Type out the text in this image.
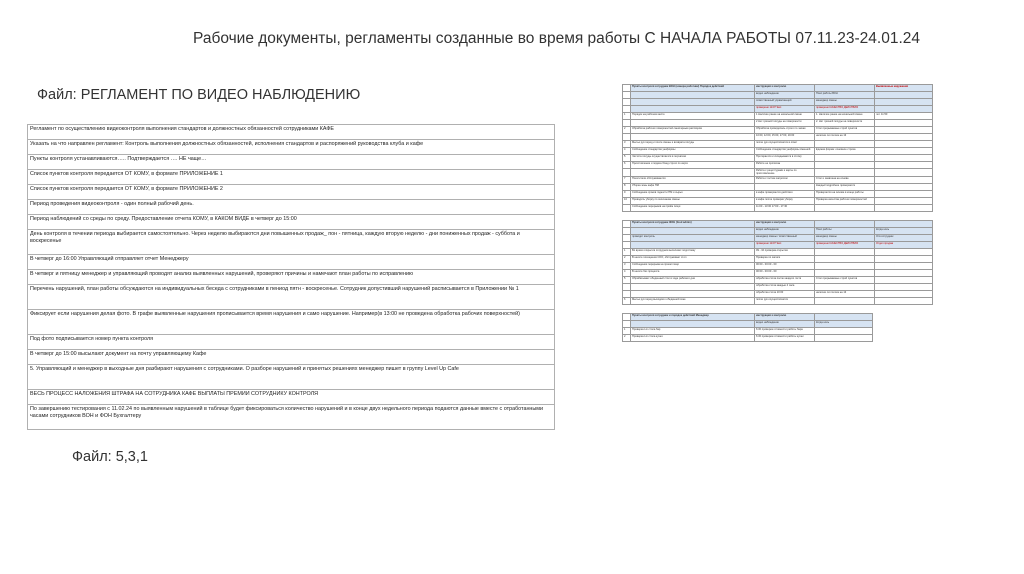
Рабочие документы, регламенты созданные во время работы С НАЧАЛА РАБОТЫ 07.11.23-24.01.24
Файл: РЕГЛАМЕНТ ПО ВИДЕО НАБЛЮДЕНИЮ
Регламент по осуществлению видеоконтроля выполнения стандартов и должностных обязанностей сотрудниками КАФЕ
Указать на что направлен регламент: Контроль выполнения должностных обязанностей, исполнения стандартов и распоряжений руководства клуба и кафе
Пункты контроля устанавливаются….. Подтверждается …. НЕ чаще…
Список пунктов контроля передается ОТ КОМУ, в формате ПРИЛОЖЕНИЕ 1
Список пунктов контроля передается ОТ КОМУ, в формате ПРИЛОЖЕНИЕ 2
Период проведения видеоконтроля - один полный рабочий день.
Период наблюдений со среды по среду. Предоставление отчета КОМУ, в КАКОМ ВИДЕ в четверг до 15:00
День контроля в течении периода выбирается самостоятельно. Через неделю выбираются дни повышенных продаж_ пон - пятница, каждую вторую неделю - дни пониженных продаж - суббота и воскресенье
В четверг до 16:00 Управляющий отправляет отчет Менеджеру
В четверг и пятницу менеджер и управляющий проводят анализ выявленных нарушений, проверяют причины и намечают план работы по исправлению
Перечень нарушений, план работы обсуждаются на индивидуальных беседа с сотрудниками в пениод пятн - воскресенье. Сотрудник допустивший нарушений расписывается в Приложении № 1
Фиксирует если нарушения делая фото. В графе выявленные нарушения прописывается время нарушения и само нарушение. Например(в 13:00 не проведена обработка рабочих поверхностей)
Под фото подписывается номер пункта контроля
В четверг до 15:00 высылают документ на почту управляющему Кафе
5. Управляющий и менеджер в выходные дня разбирают нарушения с сотрудниками. О разборе нарушений и принятых решениях менеджер пишет в группу Level Up Cafe
ВЕСЬ ПРОЦЕСС НАЛОЖЕНИЯ ШТРАФА НА СОТРУДНИКА КАФЕ ВЫПЛАТЫ ПРЕМИИ СОТРУДНИКУ КОНТРОЛЯ
По завершению тестирования с 11.02.24 по выявленным нарушений в таблице будет фиксироваться количество нарушений и в конце двух недельного периода подаются данные вместе с отработанными часами сотрудников ВОН и ФОН Бухгалтеру
Файл: 5,3,1
	Пункты контроля сотрудник ВОН (номера работник) Порядок действий	инструкция к контролю		Выявленные нарушения
		видео наблюдение	Пояс работы ВОН	
		ответственный управляющий	менеджер смены	
		проверено 11/07 9мл	проверено КАЧЕСТВО ДЕЙСТВИЯ	
1	Порядок на рабочем месте	1 Наличие ранее на начальной смене	1. Наличие ранее на начальной смене	чет. 11:50
		2 Нет грязной посуды на поверхности	2. Нет грязной посуды на поверхности	
2	Обработка рабочих поверхностей санитарным раствором	Обработка проводилась строго по часам	Стол прерываемые строй пунктов	
		10:00, 12:00, 15:00, 17:00, 19:00	наличие ли полоса на 13	
3	Мытье рук перед и после смены и возврата посуды	после рук осуществляется в ответ		
4	Соблюдение стандартов униформы	Соблюдение стандартов униформы сменной	Единая форма: основное строка	
5	Чистота посуды осуществляется в перчатках	Протирается и складывается в стопку		
6	Приготовление и подача блюд строго по карте	Работе не прописан		
		Работа с рецептурами и карты по приготовлению		
7	Посетители обслуживаются	Работа с гостем запросом	Стол и заявлена на основе	
8	Уборка зоны кафе ПМ		Каждый подробное проверяется	
9	Соблюдение сроков годности ПМ и сырья	в кафе проверяются действия	Проверяется на основе в конце работы	
10	Проводить уборку по окончанию смены	в кафе после проверки уборку	Проверка качества рабочих поверхностей	
	Соблюдение перерывов на приём пищи	11:00 - 13:00 17:00 - 17:30		
	Пункты контроля сотрудник ФОН (food admin)	инструкция к контролю		
		видео наблюдение	Пояс работы	Когда ноль
	проводит контроль	менеджер смены / ответственный	менеджер смены	Отв сотрудник
		проверено 11/07 9мл	проверено КАЧЕСТВО ДЕЙСТВИЯ	Отдел продаж
1	Во время открытия сотрудник выполняет подготовку	09 - 10 проверка открытия		
2	В несете посещения СОО, обслуживает стол	Проверка по записи		
3	Соблюдения перерыва на прием пищи	00:00 - 00:00 - 00		
4	В несете без процесса	00:00 - 00:00 - 00		
5	Обрабатывает обеденный стол в ходе рабочего дня	обработка стола после каждого гостя	Стол прерываемые строй пунктов	
		обработка стола каждые 4 часа		
		обработка стола 10:00	наличие ли полоса на 13	
6	Мытье рук перед выходом к обеденной зоне	после рук осуществляется		
	Пункты контроля сотрудник и порядок действий Менеджер	инструкция к контролю	
		видео наблюдение	Когда ноль
1	Проверка Lin стола бар	6:30 проверка готовности работы бара	
2	Проверка Lin стола кухня	6:30 проверка готовности работы кухни	
